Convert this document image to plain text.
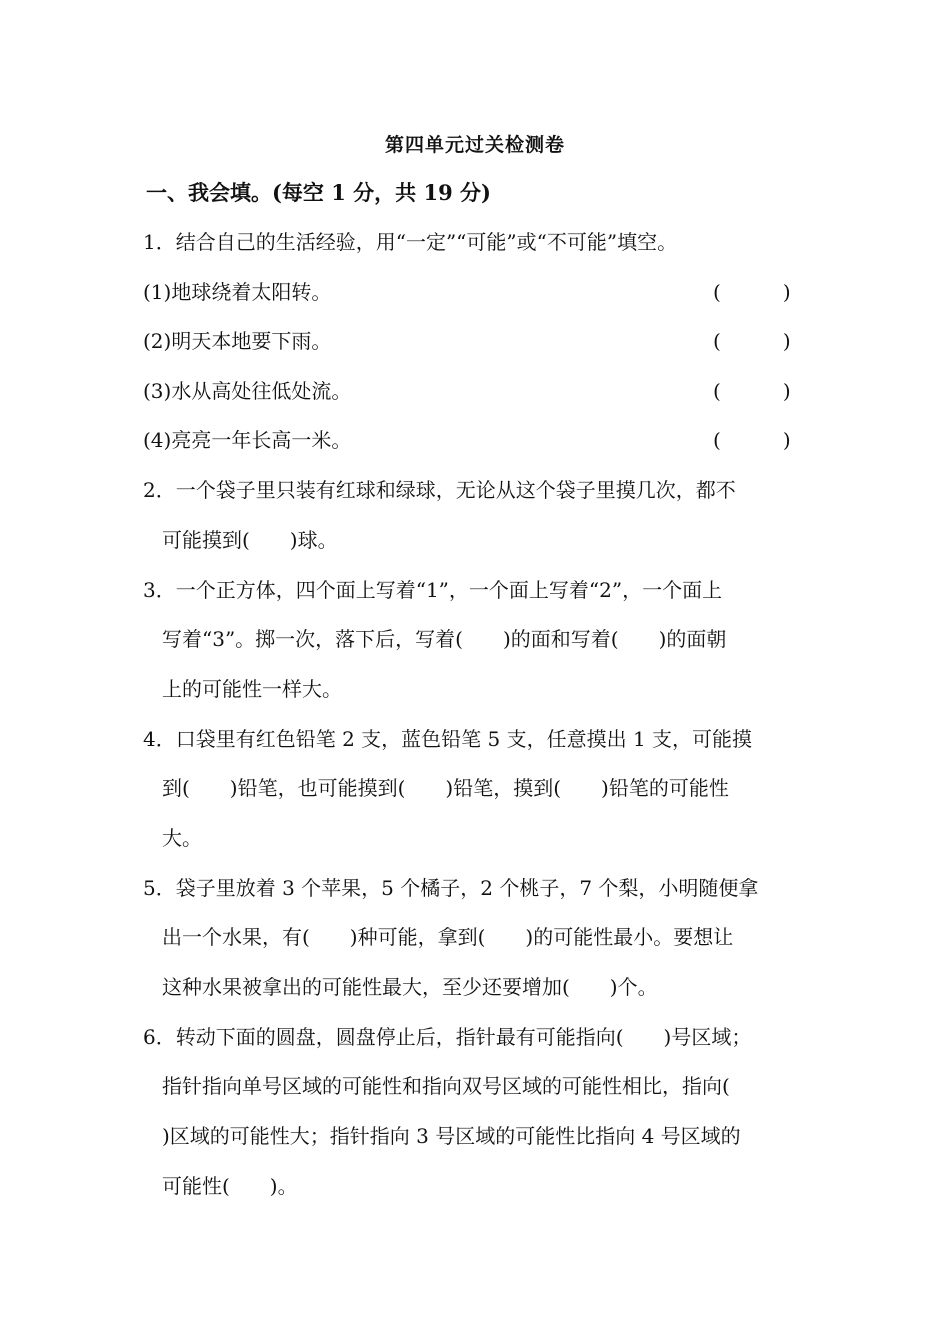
第四单元过关检测卷
一、我会填。(每空 1 分，共 19 分)
1．结合自己的生活经验，用“一定”“可能”或“不可能”填空。
(1)地球绕着太阳转。	(	)
(2)明天本地要下雨。	(	)
(3)水从高处往低处流。	(	)
(4)亮亮一年长高一米。	(	)
2．一个袋子里只装有红球和绿球，无论从这个袋子里摸几次，都不
可能摸到(　　)球。
3．一个正方体，四个面上写着“1”，一个面上写着“2”，一个面上
写着“3”。掷一次，落下后，写着(　　)的面和写着(　　)的面朝
上的可能性一样大。
4．口袋里有红色铅笔 2 支，蓝色铅笔 5 支，任意摸出 1 支，可能摸
到(　　)铅笔，也可能摸到(　　)铅笔，摸到(　　)铅笔的可能性
大。
5．袋子里放着 3 个苹果，5 个橘子，2 个桃子，7 个梨，小明随便拿
出一个水果，有(　　)种可能，拿到(　　)的可能性最小。要想让
这种水果被拿出的可能性最大，至少还要增加(　　)个。
6．转动下面的圆盘，圆盘停止后，指针最有可能指向(　　)号区域；
指针指向单号区域的可能性和指向双号区域的可能性相比，指向(
)区域的可能性大；指针指向 3 号区域的可能性比指向 4 号区域的
可能性(　　)。
